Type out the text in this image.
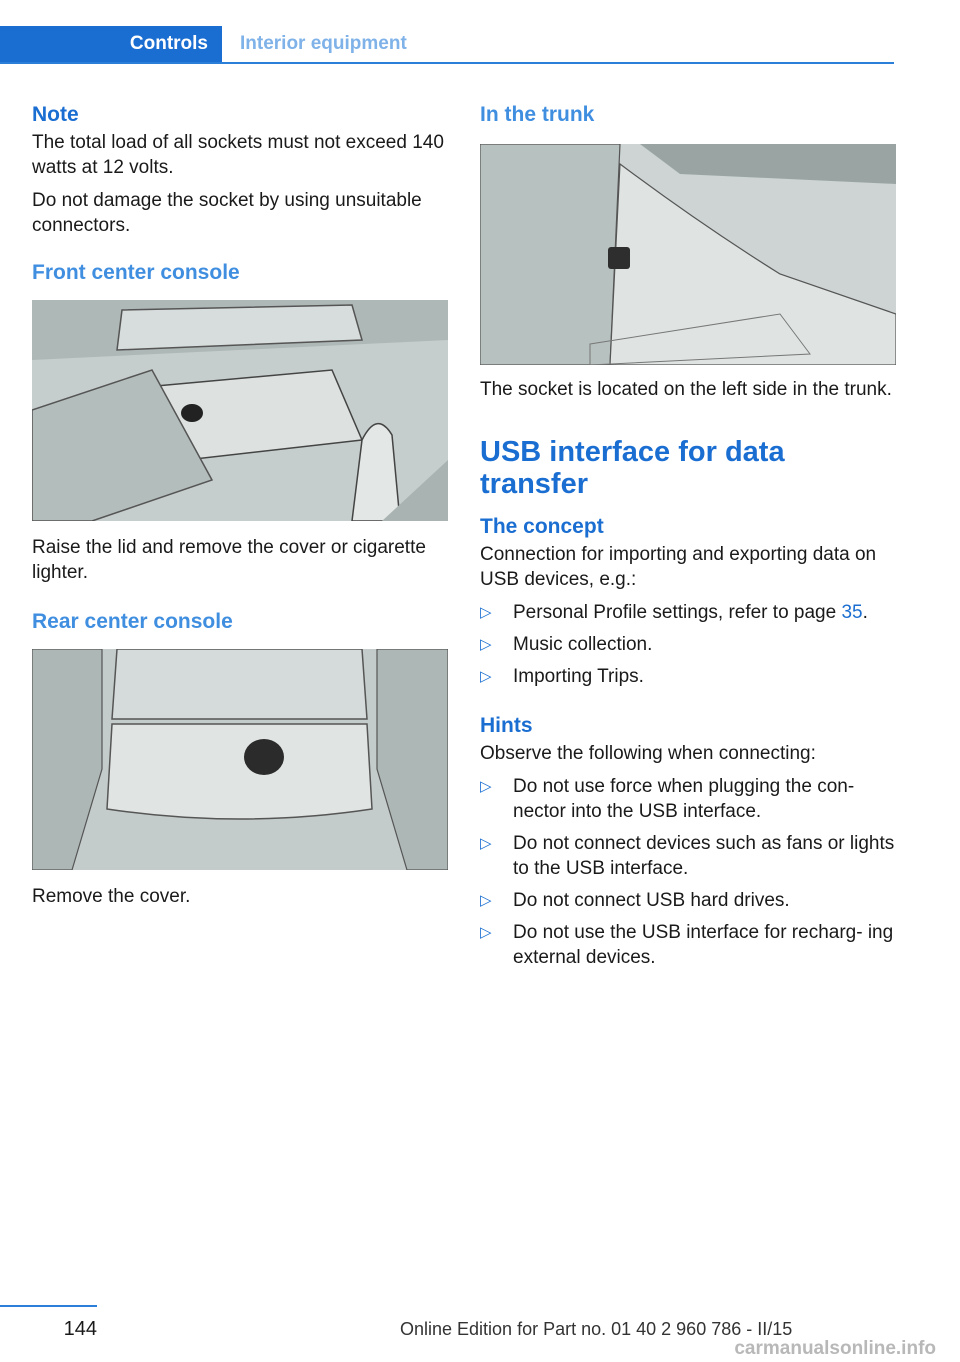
Controls	Interior equipment

Note

The total load of all sockets must not exceed 140 watts at 12 volts.

Do not damage the socket by using unsuitable connectors.

Front center console

Raise the lid and remove the cover or cigarette lighter.

Rear center console

Remove the cover.

In the trunk

The socket is located on the left side in the trunk.

USB interface for data transfer

The concept

Connection for importing and exporting data on USB devices, e.g.:

▷ Personal Profile settings, refer to page 35.
▷ Music collection.
▷ Importing Trips.

Hints

Observe the following when connecting:

▷ Do not use force when plugging the con‐ nector into the USB interface.
▷ Do not connect devices such as fans or lights to the USB interface.
▷ Do not connect USB hard drives.
▷ Do not use the USB interface for recharg‐ ing external devices.
144	Online Edition for Part no. 01 40 2 960 786 - II/15
carmanualsonline.info
